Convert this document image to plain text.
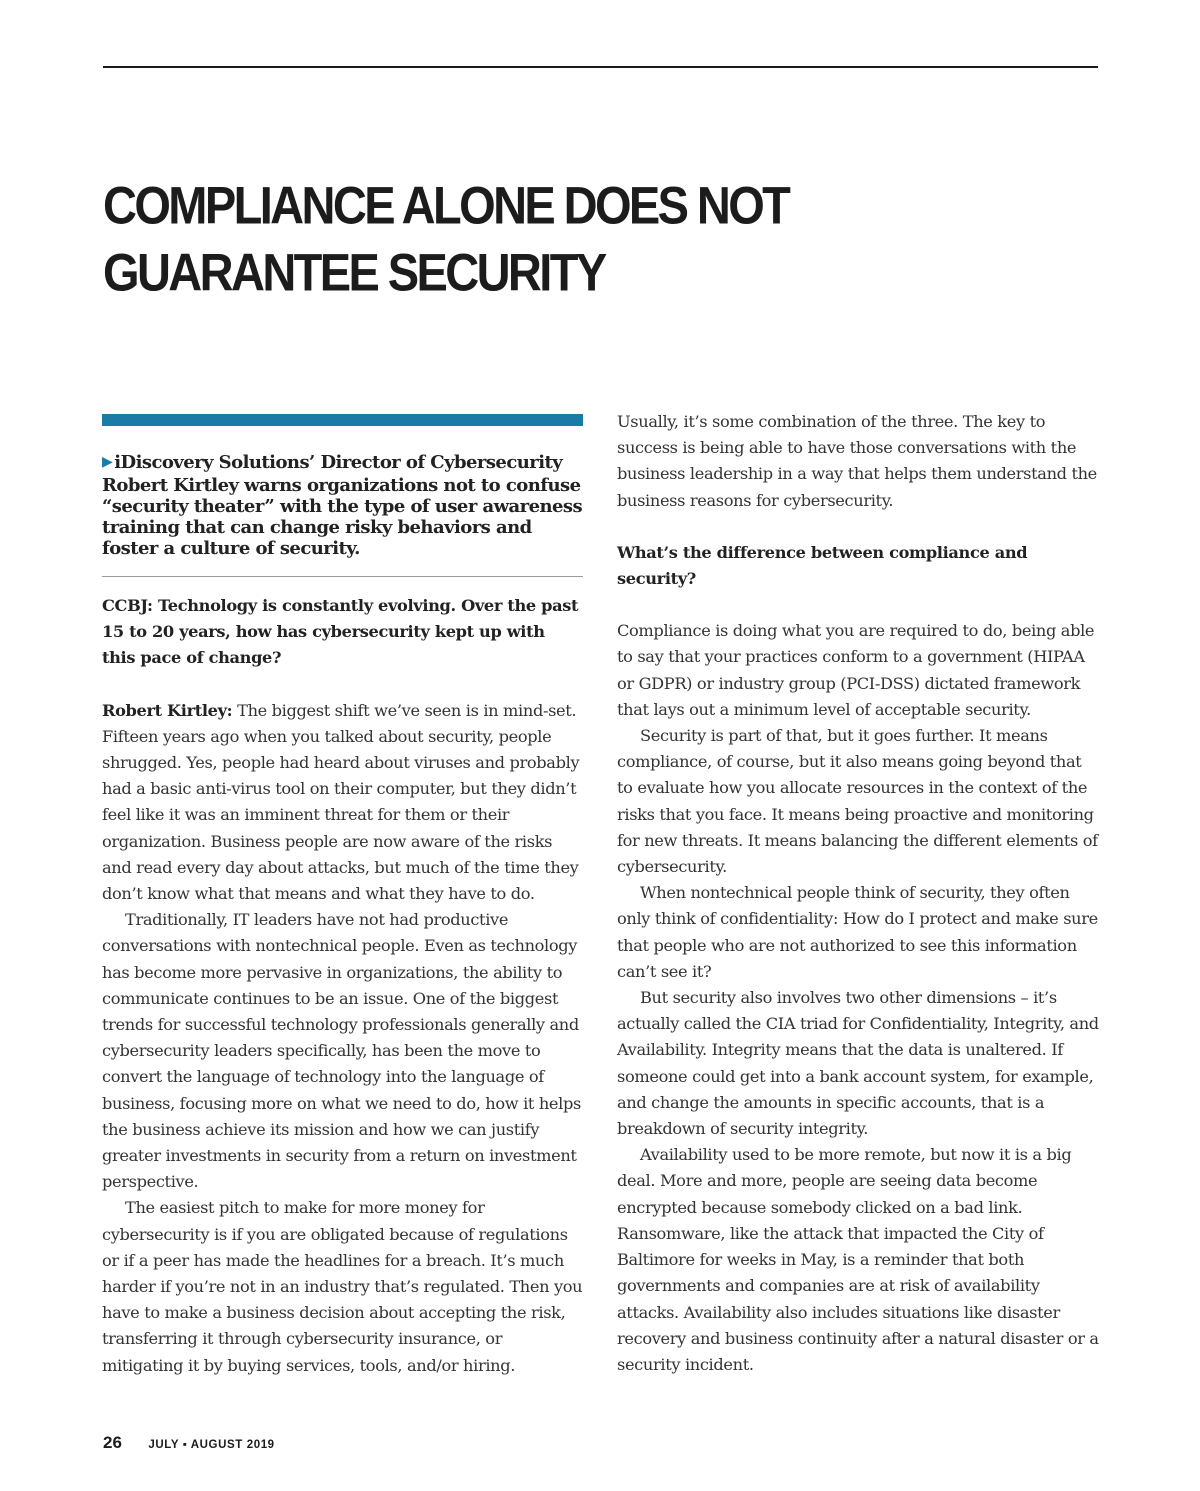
COMPLIANCE ALONE DOES NOT
GUARANTEE SECURITY

▶ iDiscovery Solutions’ Director of Cybersecurity Robert Kirtley warns organizations not to confuse “security theater” with the type of user awareness training that can change risky behaviors and foster a culture of security.

CCBJ: Technology is constantly evolving. Over the past 15 to 20 years, how has cybersecurity kept up with this pace of change?

Robert Kirtley: The biggest shift we’ve seen is in mind-set. Fifteen years ago when you talked about security, people shrugged. Yes, people had heard about viruses and probably had a basic anti-virus tool on their computer, but they didn’t feel like it was an imminent threat for them or their organization. Business people are now aware of the risks and read every day about attacks, but much of the time they don’t know what that means and what they have to do.

Traditionally, IT leaders have not had productive conversations with nontechnical people. Even as technology has become more pervasive in organizations, the ability to communicate continues to be an issue. One of the biggest trends for successful technology professionals generally and cybersecurity leaders specifically, has been the move to convert the language of technology into the language of business, focusing more on what we need to do, how it helps the business achieve its mission and how we can justify greater investments in security from a return on investment perspective.

The easiest pitch to make for more money for cybersecurity is if you are obligated because of regulations or if a peer has made the headlines for a breach. It’s much harder if you’re not in an industry that’s regulated. Then you have to make a business decision about accepting the risk, transferring it through cybersecurity insurance, or mitigating it by buying services, tools, and/or hiring.

Usually, it’s some combination of the three. The key to success is being able to have those conversations with the business leadership in a way that helps them understand the business reasons for cybersecurity.

What’s the difference between compliance and security?

Compliance is doing what you are required to do, being able to say that your practices conform to a government (HIPAA or GDPR) or industry group (PCI-DSS) dictated framework that lays out a minimum level of acceptable security.

Security is part of that, but it goes further. It means compliance, of course, but it also means going beyond that to evaluate how you allocate resources in the context of the risks that you face. It means being proactive and monitoring for new threats. It means balancing the different elements of cybersecurity.

When nontechnical people think of security, they often only think of confidentiality: How do I protect and make sure that people who are not authorized to see this information can’t see it?

But security also involves two other dimensions – it’s actually called the CIA triad for Confidentiality, Integrity, and Availability. Integrity means that the data is unaltered. If someone could get into a bank account system, for example, and change the amounts in specific accounts, that is a breakdown of security integrity.

Availability used to be more remote, but now it is a big deal. More and more, people are seeing data become encrypted because somebody clicked on a bad link. Ransomware, like the attack that impacted the City of Baltimore for weeks in May, is a reminder that both governments and companies are at risk of availability attacks. Availability also includes situations like disaster recovery and business continuity after a natural disaster or a security incident.

26 JULY ▪ AUGUST 2019
